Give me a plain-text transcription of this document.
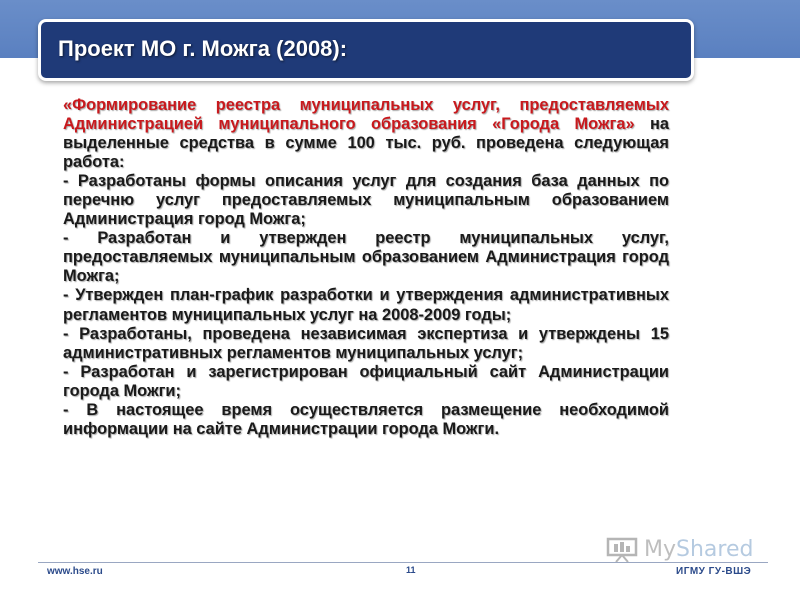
Проект МО г. Можга (2008):

«Формирование реестра муниципальных услуг, предоставляемых Администрацией муниципального образования «Города Можга» на выделенные средства в сумме 100 тыс. руб. проведена следующая работа:

- Разработаны формы описания услуг для создания база данных по перечню услуг предоставляемых муниципальным образованием Администрация город Можга;

- Разработан и утвержден реестр муниципальных услуг, предоставляемых муниципальным образованием Администрация город Можга;

- Утвержден план-график разработки и утверждения административных регламентов муниципальных услуг на 2008-2009 годы;

- Разработаны, проведена независимая экспертиза и утверждены 15 административных регламентов муниципальных услуг;

- Разработан и зарегистрирован официальный сайт Администрации города Можги;

- В настоящее время осуществляется размещение необходимой информации на сайте Администрации города Можги.

MyShared
www.hse.ru	11	ИГМУ ГУ-ВШЭ
